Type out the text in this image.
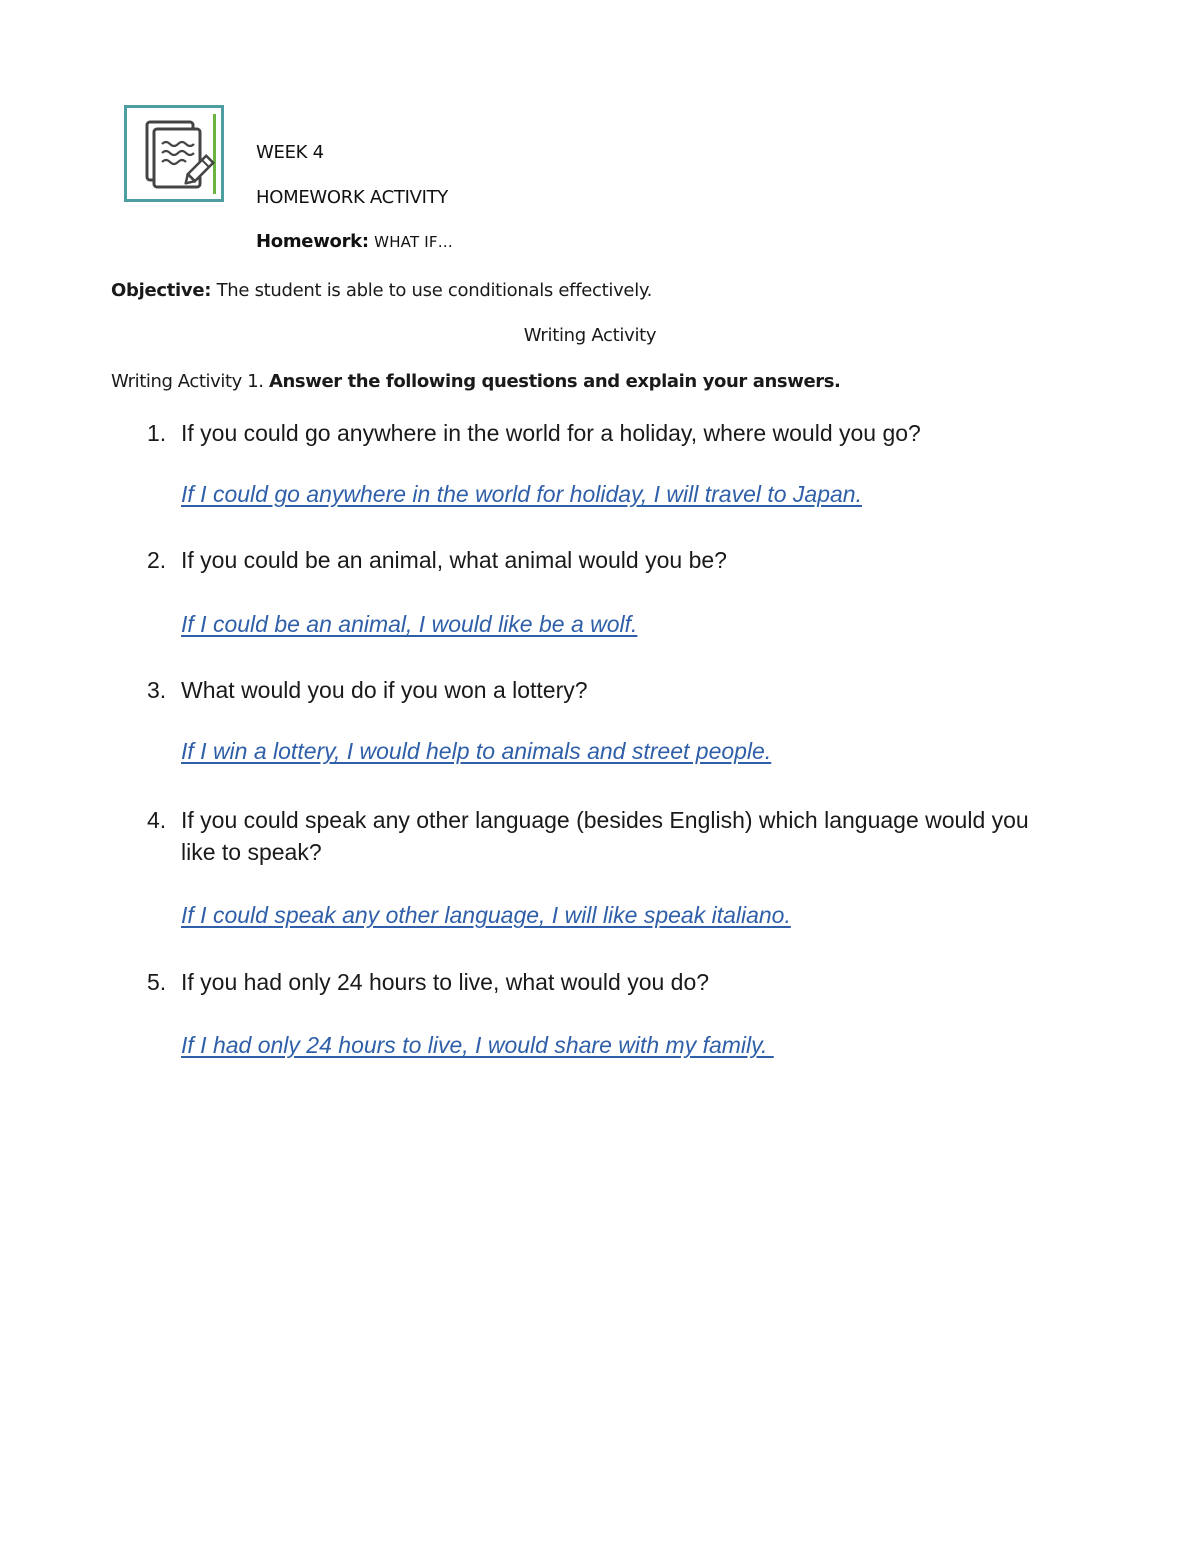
WEEK 4
HOMEWORK ACTIVITY
Homework: WHAT IF…
Objective: The student is able to use conditionals effectively.
Writing Activity
Writing Activity 1. Answer the following questions and explain your answers.
1. If you could go anywhere in the world for a holiday, where would you go?
If I could go anywhere in the world for holiday, I will travel to Japan.
2. If you could be an animal, what animal would you be?
If I could be an animal, I would like be a wolf.
3. What would you do if you won a lottery?
If I win a lottery, I would help to animals and street people.
4. If you could speak any other language (besides English) which language would you like to speak?
If I could speak any other language, I will like speak italiano.
5. If you had only 24 hours to live, what would you do?
If I had only 24 hours to live, I would share with my family.
